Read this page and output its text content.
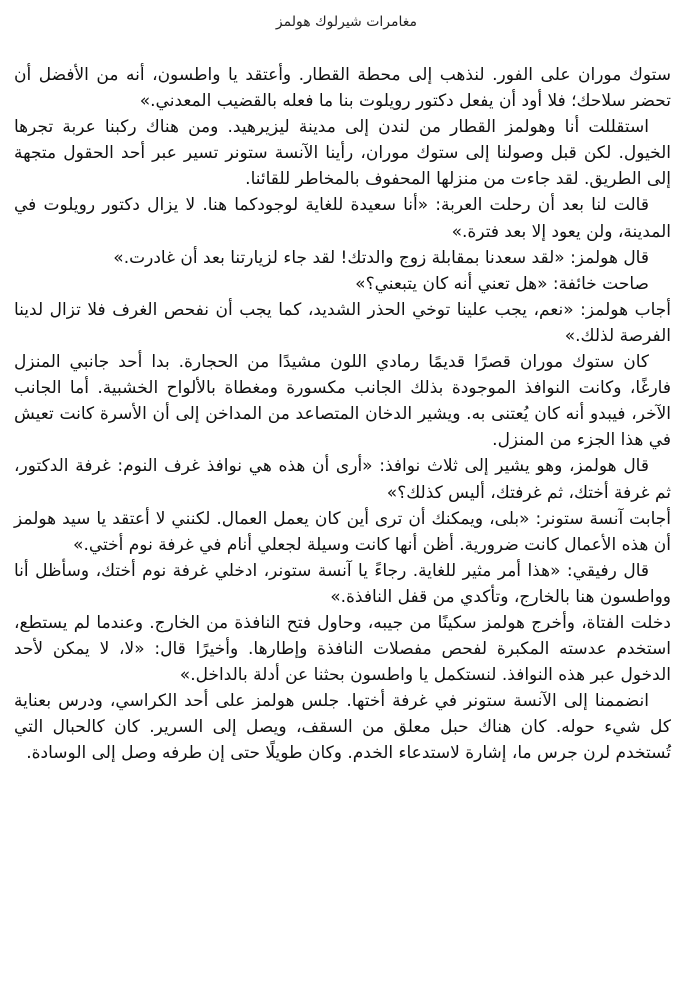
مغامرات شيرلوك هولمز

ستوك موران على الفور. لنذهب إلى محطة القطار. وأعتقد يا واطسون، أنه من الأفضل أن تحضر سلاحك؛ فلا أود أن يفعل دكتور رويلوت بنا ما فعله بالقضيب المعدني.»

استقللت أنا وهولمز القطار من لندن إلى مدينة ليزيرهيد. ومن هناك ركبنا عربة تجرها الخيول. لكن قبل وصولنا إلى ستوك موران، رأينا الآنسة ستونر تسير عبر أحد الحقول متجهة إلى الطريق. لقد جاءت من منزلها المحفوف بالمخاطر للقائنا.

قالت لنا بعد أن رحلت العربة: «أنا سعيدة للغاية لوجودكما هنا. لا يزال دكتور رويلوت في المدينة، ولن يعود إلا بعد فترة.»

قال هولمز: «لقد سعدنا بمقابلة زوج والدتك! لقد جاء لزيارتنا بعد أن غادرت.»

صاحت خائفة: «هل تعني أنه كان يتبعني؟»

أجاب هولمز: «نعم، يجب علينا توخي الحذر الشديد، كما يجب أن نفحص الغرف فلا تزال لدينا الفرصة لذلك.»

كان ستوك موران قصرًا قديمًا رمادي اللون مشيدًا من الحجارة. بدا أحد جانبي المنزل فارغًا، وكانت النوافذ الموجودة بذلك الجانب مكسورة ومغطاة بالألواح الخشبية. أما الجانب الآخر، فيبدو أنه كان يُعتنى به. ويشير الدخان المتصاعد من المداخن إلى أن الأسرة كانت تعيش في هذا الجزء من المنزل.

قال هولمز، وهو يشير إلى ثلاث نوافذ: «أرى أن هذه هي نوافذ غرف النوم: غرفة الدكتور، ثم غرفة أختك، ثم غرفتك، أليس كذلك؟»

أجابت آنسة ستونر: «بلى، ويمكنك أن ترى أين كان يعمل العمال. لكنني لا أعتقد يا سيد هولمز أن هذه الأعمال كانت ضرورية. أظن أنها كانت وسيلة لجعلي أنام في غرفة نوم أختي.»

قال رفيقي: «هذا أمر مثير للغاية. رجاءً يا آنسة ستونر، ادخلي غرفة نوم أختك، وسأظل أنا وواطسون هنا بالخارج، وتأكدي من قفل النافذة.»

دخلت الفتاة، وأخرج هولمز سكينًا من جيبه، وحاول فتح النافذة من الخارج. وعندما لم يستطع، استخدم عدسته المكبرة لفحص مفصلات النافذة وإطارها. وأخيرًا قال: «لا، لا يمكن لأحد الدخول عبر هذه النوافذ. لنستكمل يا واطسون بحثنا عن أدلة بالداخل.»

انضممنا إلى الآنسة ستونر في غرفة أختها. جلس هولمز على أحد الكراسي، ودرس بعناية كل شيء حوله. كان هناك حبل معلق من السقف، ويصل إلى السرير. كان كالحبال التي تُستخدم لرن جرس ما، إشارة لاستدعاء الخدم. وكان طويلًا حتى إن طرفه وصل إلى الوسادة.
